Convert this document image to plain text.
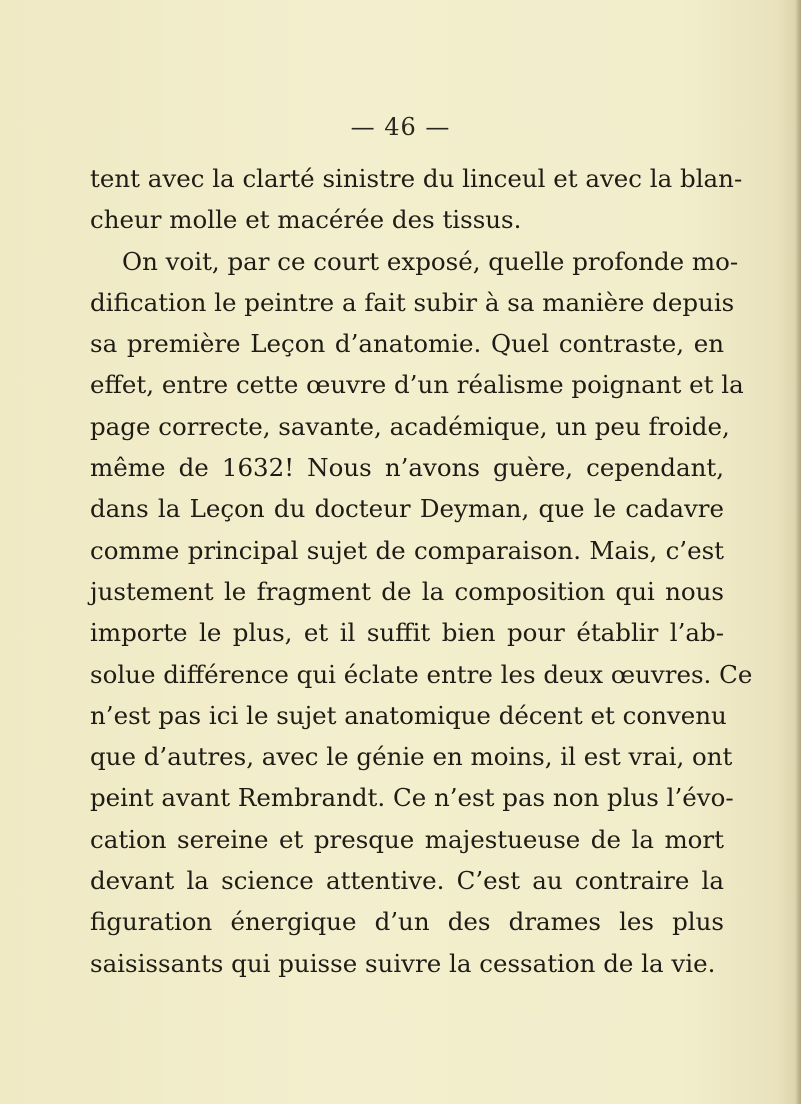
— 46 —
tent avec la clarté sinistre du linceul et avec la blan-
cheur molle et macérée des tissus.
On voit, par ce court exposé, quelle profonde mo-
dification le peintre a fait subir à sa manière depuis
sa première Leçon d’anatomie. Quel contraste, en
effet, entre cette œuvre d’un réalisme poignant et la
page correcte, savante, académique, un peu froide,
même de 1632! Nous n’avons guère, cependant,
dans la Leçon du docteur Deyman, que le cadavre
comme principal sujet de comparaison. Mais, c’est
justement le fragment de la composition qui nous
importe le plus, et il suffit bien pour établir l’ab-
solue différence qui éclate entre les deux œuvres. Ce
n’est pas ici le sujet anatomique décent et convenu
que d’autres, avec le génie en moins, il est vrai, ont
peint avant Rembrandt. Ce n’est pas non plus l’évo-
cation sereine et presque majestueuse de la mort
devant la science attentive. C’est au contraire la
figuration énergique d’un des drames les plus
saisissants qui puisse suivre la cessation de la vie.
